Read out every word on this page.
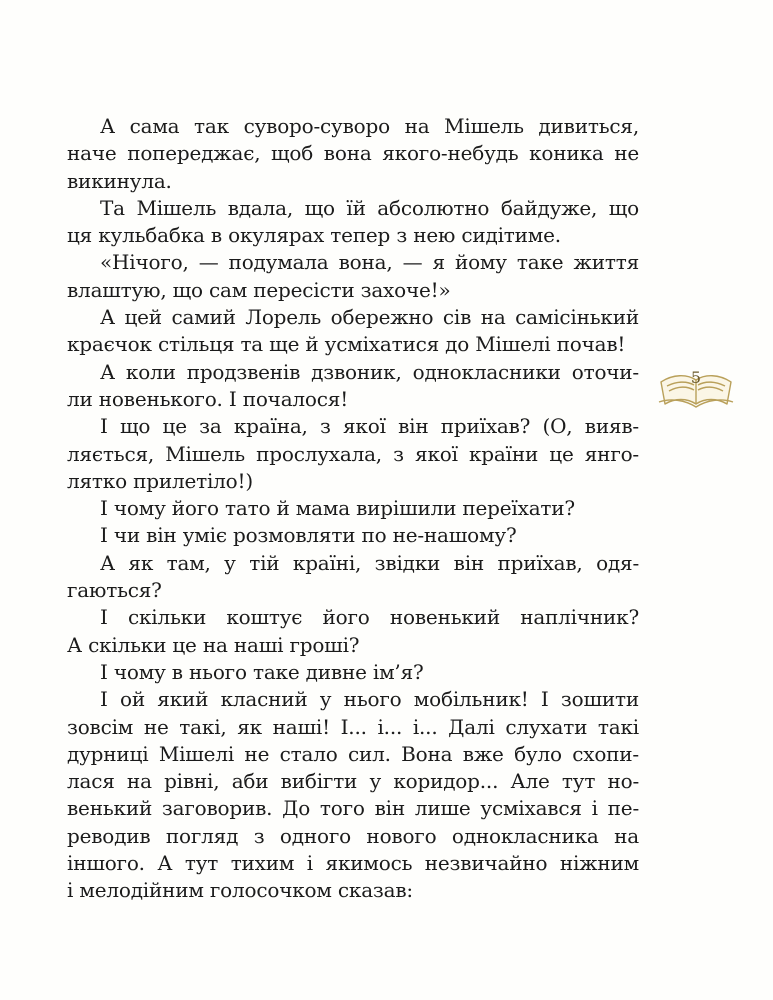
А сама так суворо-суворо на Мішель дивиться,
наче попереджає, щоб вона якого-небудь коника не
викинула.
Та Мішель вдала, що їй абсолютно байдуже, що
ця кульбабка в окулярах тепер з нею сидітиме.
«Нічого, — подумала вона, — я йому таке життя
влаштую, що сам пересісти захоче!»
А цей самий Лорель обережно сів на самісінький
краєчок стільця та ще й усміхатися до Мішелі почав!
А коли продзвенів дзвоник, однокласники оточи-
ли новенького. І почалося!
І що це за країна, з якої він приїхав? (О, вияв-
ляється, Мішель прослухала, з якої країни це янго-
лятко прилетіло!)
І чому його тато й мама вирішили переїхати?
І чи він уміє розмовляти по не-нашому?
А як там, у тій країні, звідки він приїхав, одя-
гаються?
І скільки коштує його новенький наплічник?
А скільки це на наші гроші?
І чому в нього таке дивне ім’я?
І ой який класний у нього мобільник! І зошити
зовсім не такі, як наші! І... і... і... Далі слухати такі
дурниці Мішелі не стало сил. Вона вже було схопи-
лася на рівні, аби вибігти у коридор... Але тут но-
венький заговорив. До того він лише усміхався і пе-
реводив погляд з одного нового однокласника на
іншого. А тут тихим і якимось незвичайно ніжним
і мелодійним голосочком сказав:
5
